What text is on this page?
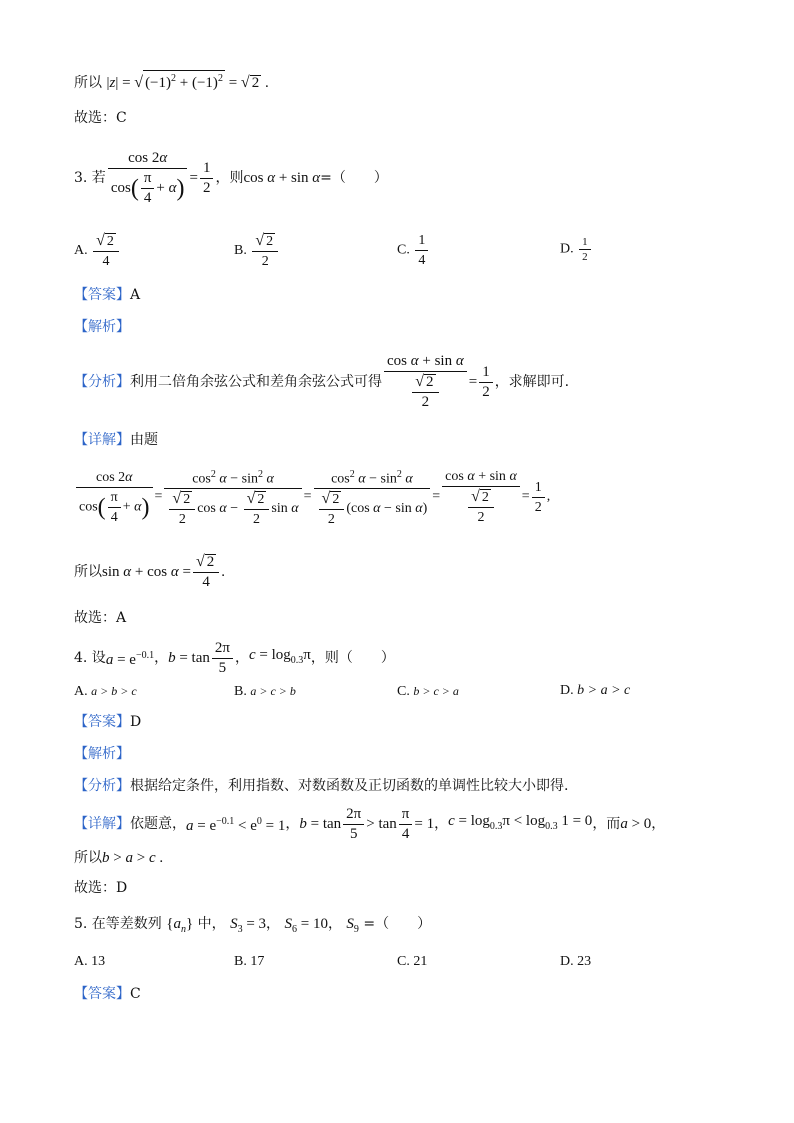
所以 |z| = √ $(-1)^2 + (-1)^2$ = √ 2 .
故选：C
3. 若 $\frac{\cos 2\alpha}{\cos( \frac{\pi}{4} + \alpha)} = \frac{1}{2}$ ，则 cos α + sin α =（　　）
A. $\frac{√ 2}{4}$	B. $\frac{√ 2}{2}$	C. $\frac{1}{4}$	D. $\frac{1}{2}$
【答案】A
【解析】
【分析】 利用二倍角余弦公式和差角余弦公式可得 $\frac{\text{cos α + sin α}}{\frac{√ 2}{2}} = \frac{1}{2}$ ，求解即可.
【详解】由题
$\frac{\cos 2\alpha}{\cos( \frac{\pi}{4} + \alpha)} = \frac{\cos^2 \alpha - \sin^2 \alpha}{\frac{√ 2}{2} \cos \alpha - \frac{√ 2}{2} \sin \alpha} = \frac{\cos^2 \alpha - \sin^2 \alpha}{\frac{√ 2}{2} (\cos \alpha - \sin \alpha)} = \frac{\text{cos α + sin α}}{\frac{√ 2}{2}} = \frac{1}{2}$ ,
所以 $\sin \alpha + \cos \alpha = \frac{√ 2}{4}$ .
故选：A
4. 设 $a = e^{-0.1}$ ， $b = \tan \frac{2\pi}{5}$ ， $c = \log_{0.3}\pi$ ，则（　　）
A. a > b > c	B. a > c > b	C. b > c > a	D. b > a > c
【答案】D
【解析】
【分析】根据给定条件，利用指数、对数函数及正切函数的单调性比较大小即得.
【详解】 依题意， $a = e^{-0.1} < e^0 = 1$ ， $b = \tan \frac{2\pi}{5} > \tan \frac{\pi}{4} = 1$ ， $c = \log_{0.3}\pi < \log_{0.3} 1 = 0$ ，而 a > 0 ，
所以b > a > c .
故选：D
5. 在等差数列 $\{a_n\}$ 中， $S_3 = 3$， $S_6 = 10$， $S_9$ =（　　）
A. 13	B. 17	C. 21	D. 23
【答案】C
